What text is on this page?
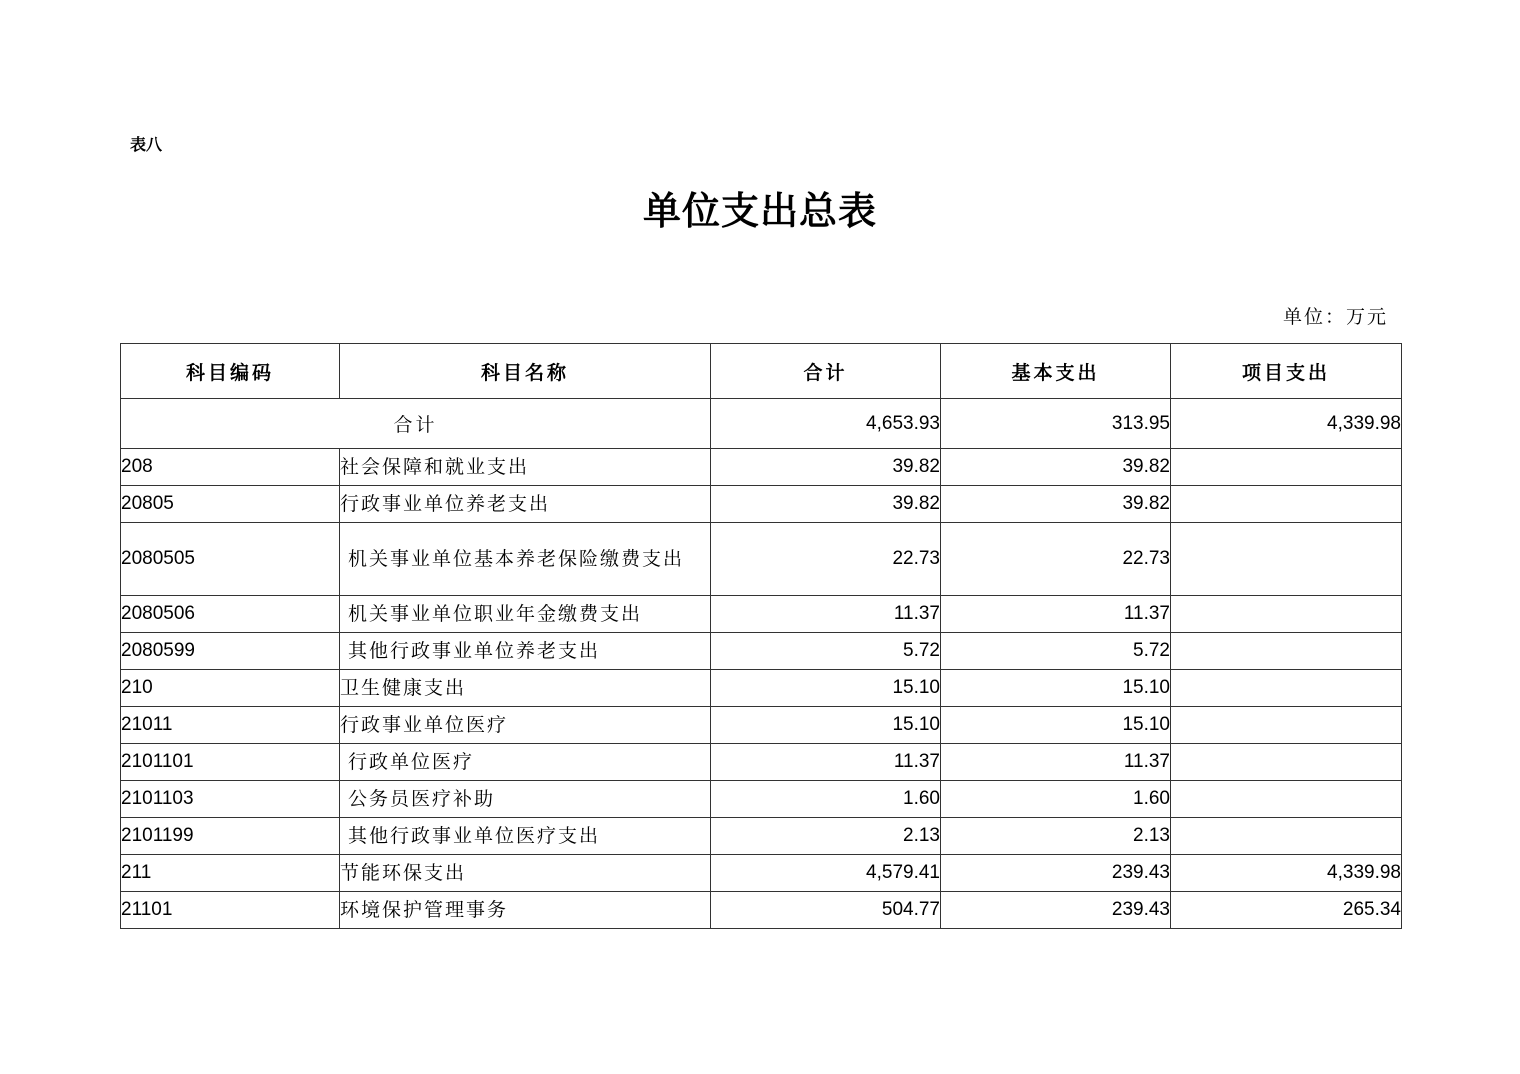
表八
单位支出总表
单位：万元
科目编码	科目名称	合计	基本支出	项目支出
合计		4,653.93	313.95	4,339.98
208	社会保障和就业支出	39.82	39.82	
20805	行政事业单位养老支出	39.82	39.82	
2080505	机关事业单位基本养老保险缴费支出	22.73	22.73	
2080506	机关事业单位职业年金缴费支出	11.37	11.37	
2080599	其他行政事业单位养老支出	5.72	5.72	
210	卫生健康支出	15.10	15.10	
21011	行政事业单位医疗	15.10	15.10	
2101101	行政单位医疗	11.37	11.37	
2101103	公务员医疗补助	1.60	1.60	
2101199	其他行政事业单位医疗支出	2.13	2.13	
211	节能环保支出	4,579.41	239.43	4,339.98
21101	环境保护管理事务	504.77	239.43	265.34
